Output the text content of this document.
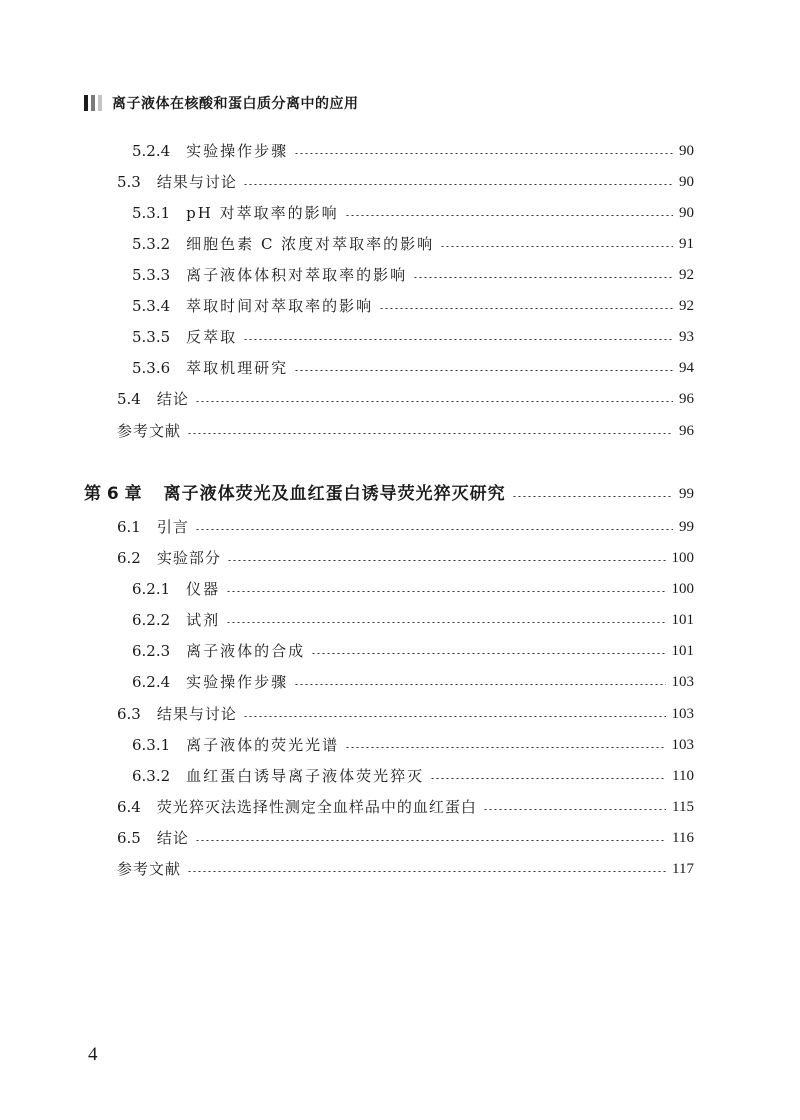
离子液体在核酸和蛋白质分离中的应用
5.2.4 实验操作步骤	90
5.3 结果与讨论	90
5.3.1 pH 对萃取率的影响	90
5.3.2 细胞色素 C 浓度对萃取率的影响	91
5.3.3 离子液体体积对萃取率的影响	92
5.3.4 萃取时间对萃取率的影响	92
5.3.5 反萃取	93
5.3.6 萃取机理研究	94
5.4 结论	96
参考文献	96
第 6 章 离子液体荧光及血红蛋白诱导荧光猝灭研究	99
6.1 引言	99
6.2 实验部分	100
6.2.1 仪器	100
6.2.2 试剂	101
6.2.3 离子液体的合成	101
6.2.4 实验操作步骤	103
6.3 结果与讨论	103
6.3.1 离子液体的荧光光谱	103
6.3.2 血红蛋白诱导离子液体荧光猝灭	110
6.4 荧光猝灭法选择性测定全血样品中的血红蛋白	115
6.5 结论	116
参考文献	117
4
